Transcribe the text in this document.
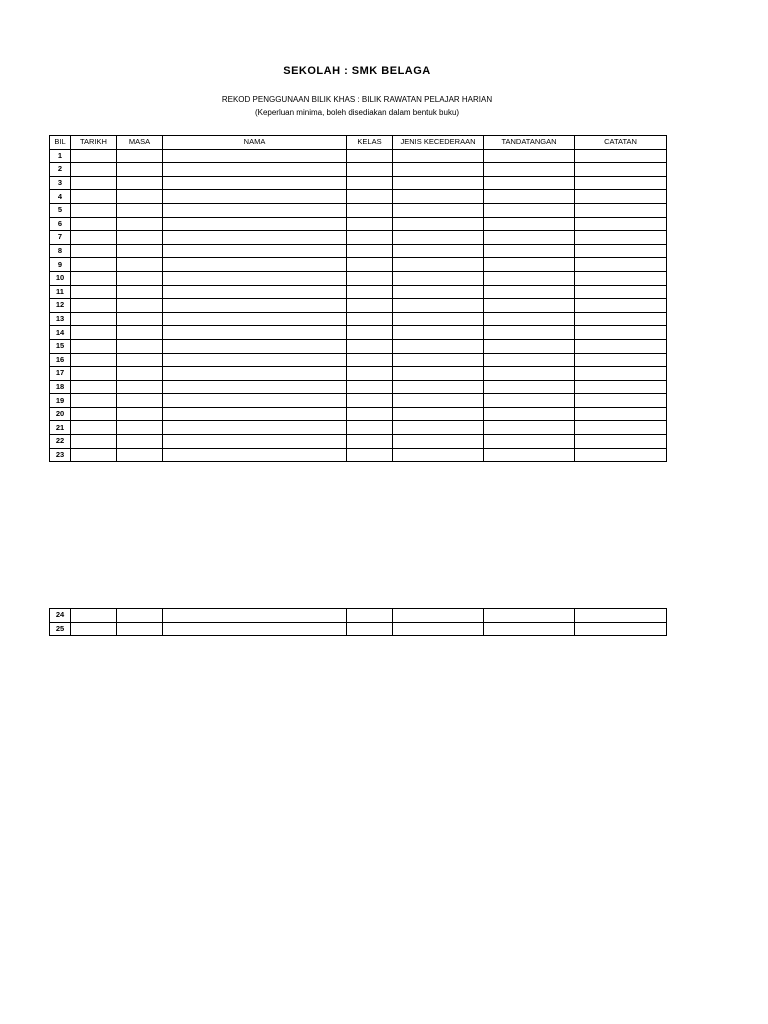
SEKOLAH : SMK BELAGA
REKOD PENGGUNAAN BILIK KHAS : BILIK RAWATAN PELAJAR HARIAN
(Keperluan minima, boleh disediakan dalam bentuk buku)
BIL	TARIKH	MASA	NAMA	KELAS	JENIS KECEDERAAN	TANDATANGAN	CATATAN
1							
2							
3							
4							
5							
6							
7							
8							
9							
10							
11							
12							
13							
14							
15							
16							
17							
18							
19							
20							
21							
22							
23							
24							
25							
